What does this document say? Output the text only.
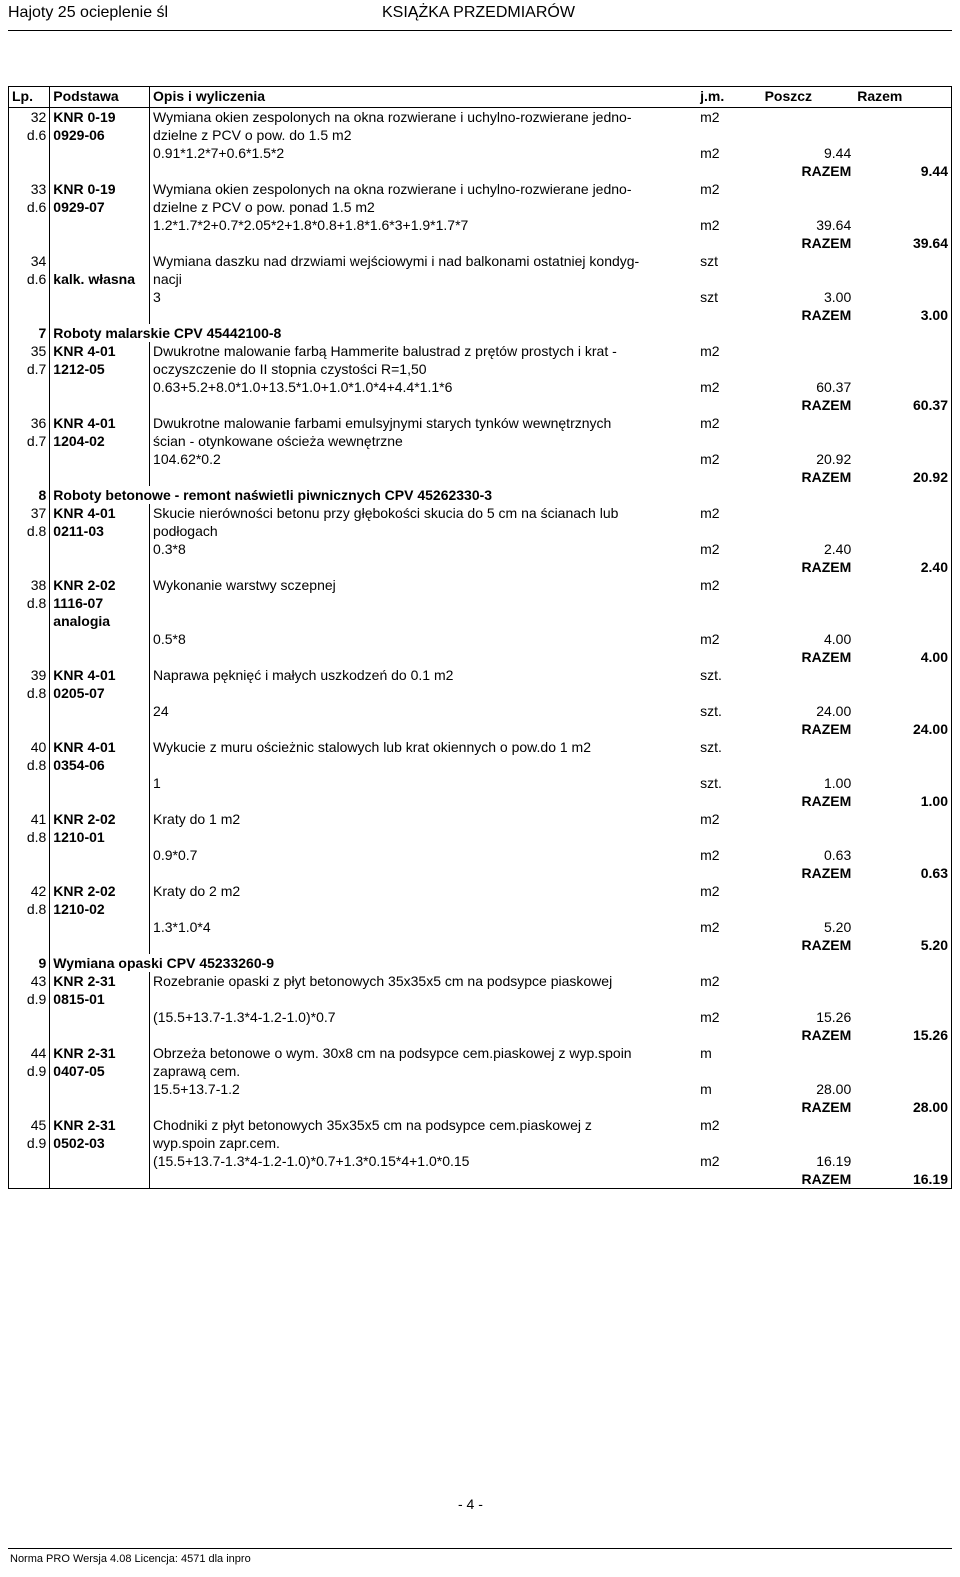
Hajoty 25 ocieplenie śl	KSIĄŻKA PRZEDMIARÓW
Lp.	Podstawa	Opis i wyliczenia	j.m.	Poszcz	Razem
32	KNR 0-19	Wymiana okien zespolonych na okna rozwierane i uchylno-rozwierane jedno-	m2		
d.6	0929-06	dzielne z PCV o pow. do 1.5 m2			
		0.91*1.2*7+0.6*1.5*2	m2	9.44	
				RAZEM	9.44
33	KNR 0-19	Wymiana okien zespolonych na okna rozwierane i uchylno-rozwierane jedno-	m2		
d.6	0929-07	dzielne z PCV o pow. ponad 1.5 m2			
		1.2*1.7*2+0.7*2.05*2+1.8*0.8+1.8*1.6*3+1.9*1.7*7	m2	39.64	
				RAZEM	39.64
34		Wymiana daszku nad drzwiami wejściowymi i nad balkonami ostatniej kondyg-	szt		
d.6	kalk. własna	nacji			
		3	szt	3.00	
				RAZEM	3.00
7	Roboty malarskie CPV 45442100-8				
35	KNR 4-01	Dwukrotne malowanie farbą Hammerite balustrad z prętów prostych i krat -	m2		
d.7	1212-05	oczyszczenie do II stopnia czystości R=1,50			
		0.63+5.2+8.0*1.0+13.5*1.0+1.0*1.0*4+4.4*1.1*6	m2	60.37	
				RAZEM	60.37
36	KNR 4-01	Dwukrotne malowanie farbami emulsyjnymi starych tynków wewnętrznych	m2		
d.7	1204-02	ścian - otynkowane ościeża wewnętrzne			
		104.62*0.2	m2	20.92	
				RAZEM	20.92
8	Roboty betonowe - remont naświetli piwnicznych CPV 45262330-3				
37	KNR 4-01	Skucie nierówności betonu przy głębokości skucia do 5 cm na ścianach lub	m2		
d.8	0211-03	podłogach			
		0.3*8	m2	2.40	
				RAZEM	2.40
38	KNR 2-02	Wykonanie warstwy sczepnej	m2		
d.8	1116-07				
	analogia				
		0.5*8	m2	4.00	
				RAZEM	4.00
39	KNR 4-01	Naprawa pęknięć i małych uszkodzeń do 0.1 m2	szt.		
d.8	0205-07				
		24	szt.	24.00	
				RAZEM	24.00
40	KNR 4-01	Wykucie z muru ościeżnic stalowych lub krat okiennych o pow.do 1 m2	szt.		
d.8	0354-06				
		1	szt.	1.00	
				RAZEM	1.00
41	KNR 2-02	Kraty do 1 m2	m2		
d.8	1210-01				
		0.9*0.7	m2	0.63	
				RAZEM	0.63
42	KNR 2-02	Kraty do 2 m2	m2		
d.8	1210-02				
		1.3*1.0*4	m2	5.20	
				RAZEM	5.20
9	Wymiana opaski CPV 45233260-9				
43	KNR 2-31	Rozebranie opaski z płyt betonowych 35x35x5 cm na podsypce piaskowej	m2		
d.9	0815-01				
		(15.5+13.7-1.3*4-1.2-1.0)*0.7	m2	15.26	
				RAZEM	15.26
44	KNR 2-31	Obrzeża betonowe o wym. 30x8 cm na podsypce cem.piaskowej z wyp.spoin	m		
d.9	0407-05	zaprawą cem.			
		15.5+13.7-1.2	m	28.00	
				RAZEM	28.00
45	KNR 2-31	Chodniki z płyt betonowych 35x35x5 cm na podsypce cem.piaskowej z	m2		
d.9	0502-03	wyp.spoin zapr.cem.			
		(15.5+13.7-1.3*4-1.2-1.0)*0.7+1.3*0.15*4+1.0*0.15	m2	16.19	
				RAZEM	16.19
- 4 -
Norma PRO Wersja 4.08 Licencja: 4571 dla inpro
